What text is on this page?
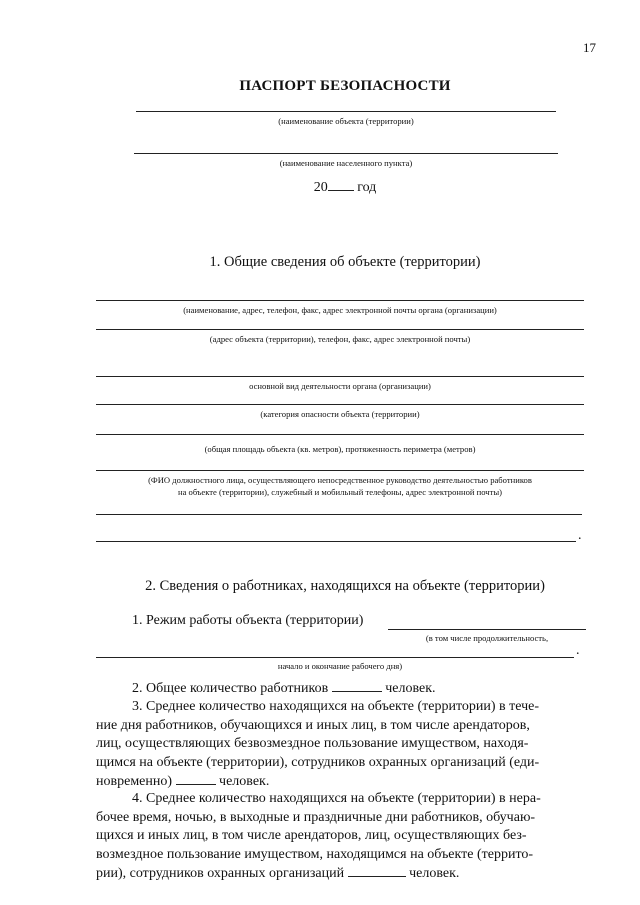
17
ПАСПОРТ БЕЗОПАСНОСТИ
(наименование объекта (территории)
(наименование населенного пункта)
20 год
1. Общие сведения об объекте (территории)
(наименование, адрес, телефон, факс, адрес электронной почты органа (организации)
(адрес объекта (территории), телефон, факс, адрес электронной почты)
основной вид деятельности органа (организации)
(категория опасности объекта (территории)
(общая площадь объекта (кв. метров), протяженность периметра (метров)
(ФИО должностного лица, осуществляющего непосредственное руководство деятельностью работников
на объекте (территории), служебный и мобильный телефоны, адрес электронной почты)
.
2. Сведения о работниках, находящихся на объекте (территории)
1. Режим работы объекта (территории)
(в том числе продолжительность,
.
начало и окончание рабочего дня)
2. Общее количество работников	человек.
3. Среднее количество находящихся на объекте (территории) в тече-
ние дня работников, обучающихся и иных лиц, в том числе арендаторов,
лиц, осуществляющих безвозмездное пользование имуществом, находя-
щимся на объекте (территории), сотрудников охранных организаций (еди-
новременно)	человек.
4. Среднее количество находящихся на объекте (территории) в нера-
бочее время, ночью, в выходные и праздничные дни работников, обучаю-
щихся и иных лиц, в том числе арендаторов, лиц, осуществляющих без-
возмездное пользование имуществом, находящимся на объекте (террито-
рии), сотрудников охранных организаций	человек.
